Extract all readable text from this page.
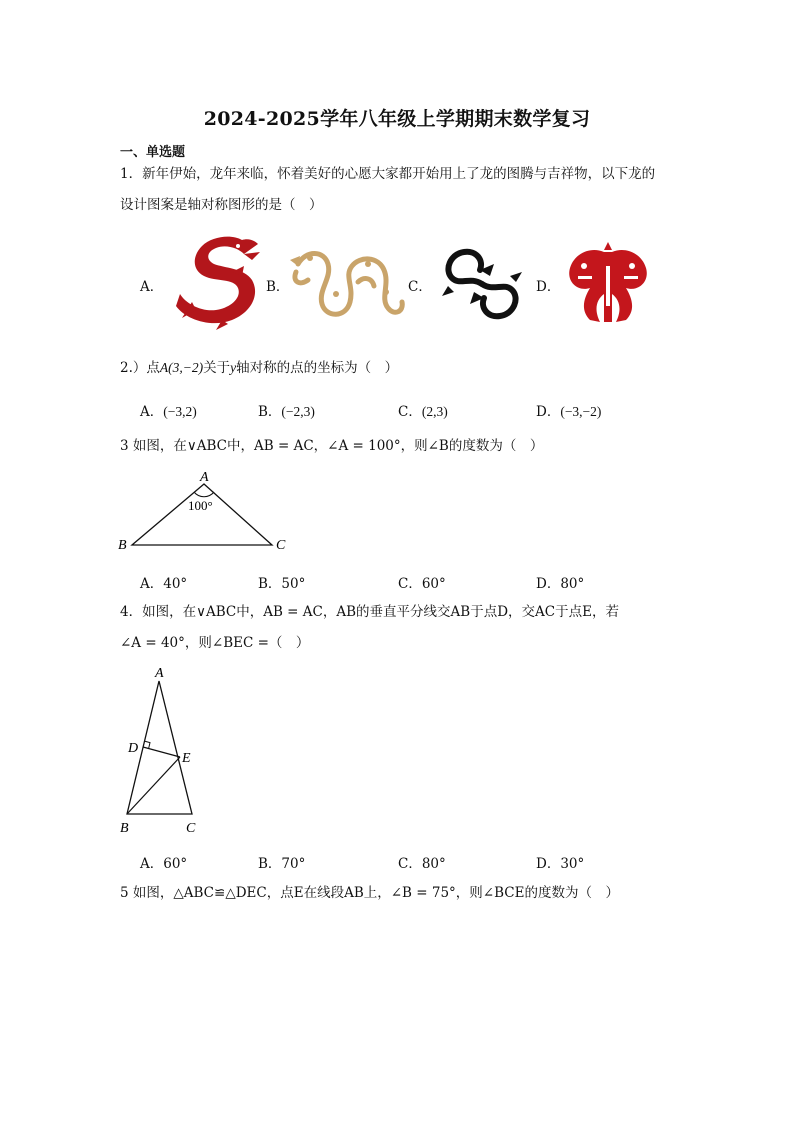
2024-2025学年八年级上学期期末数学复习
一、单选题
1．新年伊始，龙年来临，怀着美好的心愿大家都开始用上了龙的图腾与吉祥物，以下龙的
设计图案是轴对称图形的是（　）
A．	B．	C．	D．
2.）点A(3,−2)关于y轴对称的点的坐标为（　）
A．(−3,2)	B．(−2,3)	C．(2,3)	D．(−3,−2)
3 如图，在∨ABC中，AB = AC，∠A = 100°，则∠B的度数为（　）
A
100°
B	C
A．40°	B．50°	C．60°	D．80°
4．如图，在∨ABC中，AB = AC，AB的垂直平分线交AB于点D，交AC于点E，若
∠A = 40°，则∠BEC =（　）
A
D
E
B	C
A．60°	B．70°	C．80°	D．30°
5 如图，△ABC≌△DEC，点E在线段AB上，∠B = 75°，则∠BCE的度数为（　）
